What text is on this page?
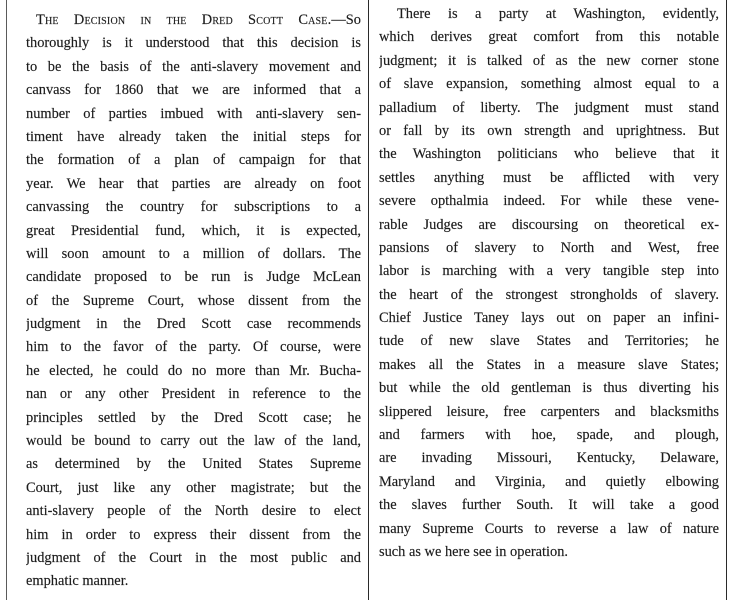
The Decision in the Dred Scott Case.—So
thoroughly is it understood that this decision is
to be the basis of the anti-slavery movement and
canvass for 1860 that we are informed that a
number of parties imbued with anti-slavery sen-
timent have already taken the initial steps for
the formation of a plan of campaign for that
year. We hear that parties are already on foot
canvassing the country for subscriptions to a
great Presidential fund, which, it is expected,
will soon amount to a million of dollars. The
candidate proposed to be run is Judge McLean
of the Supreme Court, whose dissent from the
judgment in the Dred Scott case recommends
him to the favor of the party. Of course, were
he elected, he could do no more than Mr. Bucha-
nan or any other President in reference to the
principles settled by the Dred Scott case; he
would be bound to carry out the law of the land,
as determined by the United States Supreme
Court, just like any other magistrate; but the
anti-slavery people of the North desire to elect
him in order to express their dissent from the
judgment of the Court in the most public and
emphatic manner.
There is a party at Washington, evidently,
which derives great comfort from this notable
judgment; it is talked of as the new corner stone
of slave expansion, something almost equal to a
palladium of liberty. The judgment must stand
or fall by its own strength and uprightness. But
the Washington politicians who believe that it
settles anything must be afflicted with very
severe opthalmia indeed. For while these vene-
rable Judges are discoursing on theoretical ex-
pansions of slavery to North and West, free
labor is marching with a very tangible step into
the heart of the strongest strongholds of slavery.
Chief Justice Taney lays out on paper an infini-
tude of new slave States and Territories; he
makes all the States in a measure slave States;
but while the old gentleman is thus diverting his
slippered leisure, free carpenters and blacksmiths
and farmers with hoe, spade, and plough,
are invading Missouri, Kentucky, Delaware,
Maryland and Virginia, and quietly elbowing
the slaves further South. It will take a good
many Supreme Courts to reverse a law of nature
such as we here see in operation.
